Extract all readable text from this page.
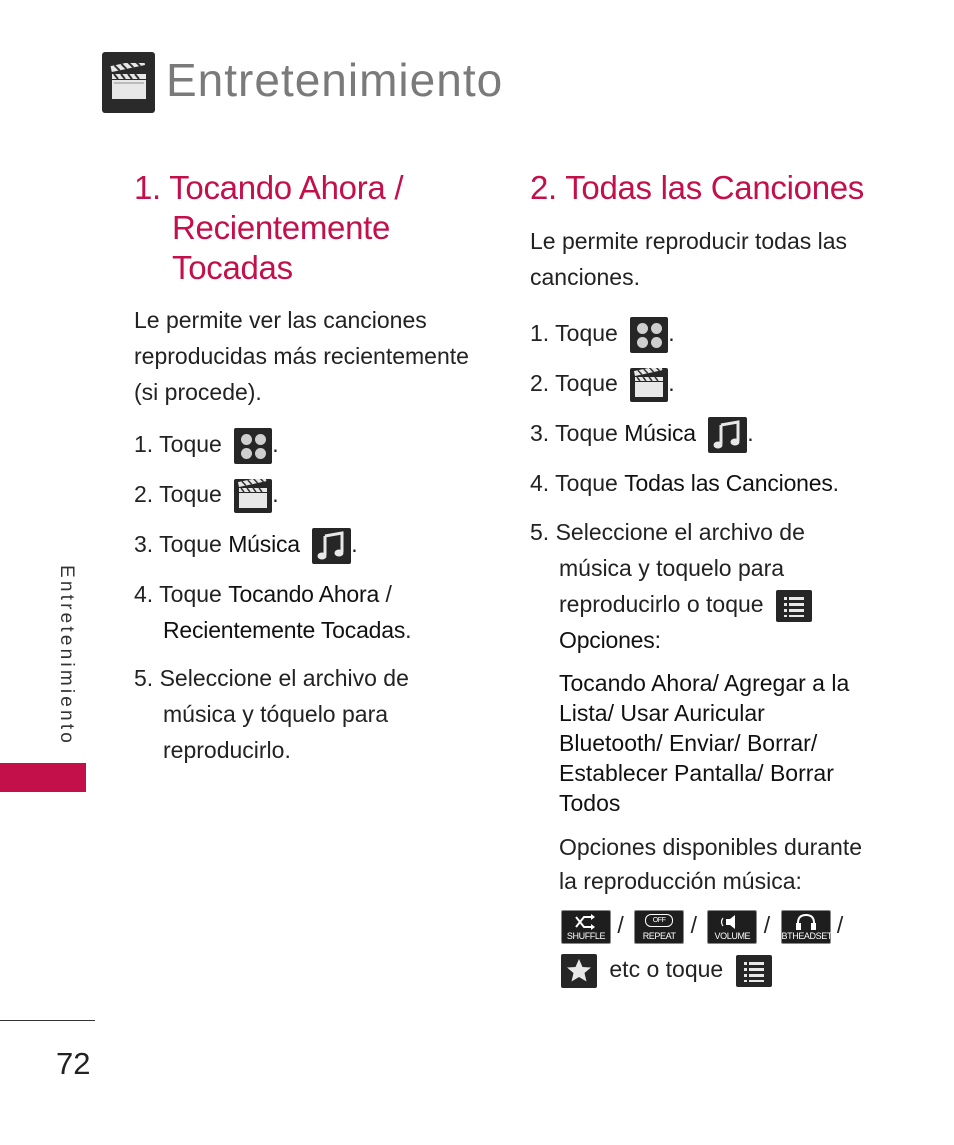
Entretenimiento
Entretenimiento
72
1. Tocando Ahora /
Recientemente
Tocadas
Le permite ver las canciones
reproducidas más recientemente
(si procede).
1. Toque .
2. Toque .
3. Toque Música .
4. Toque Tocando Ahora /
Recientemente Tocadas.
5. Seleccione el archivo de
música y tóquelo para
reproducirlo.
2. Todas las Canciones
Le permite reproducir todas las
canciones.
1. Toque .
2. Toque .
3. Toque Música .
4. Toque Todas las Canciones.
5. Seleccione el archivo de
música y toquelo para
reproducirlo o toque
Opciones:
Tocando Ahora/ Agregar a la
Lista/ Usar Auricular
Bluetooth/ Enviar/ Borrar/
Establecer Pantalla/ Borrar
Todos
Opciones disponibles durante
la reproducción música:
SHUFFLE /	OFF
REPEAT /	VOLUME / BTHEADSET /
etc o toque
